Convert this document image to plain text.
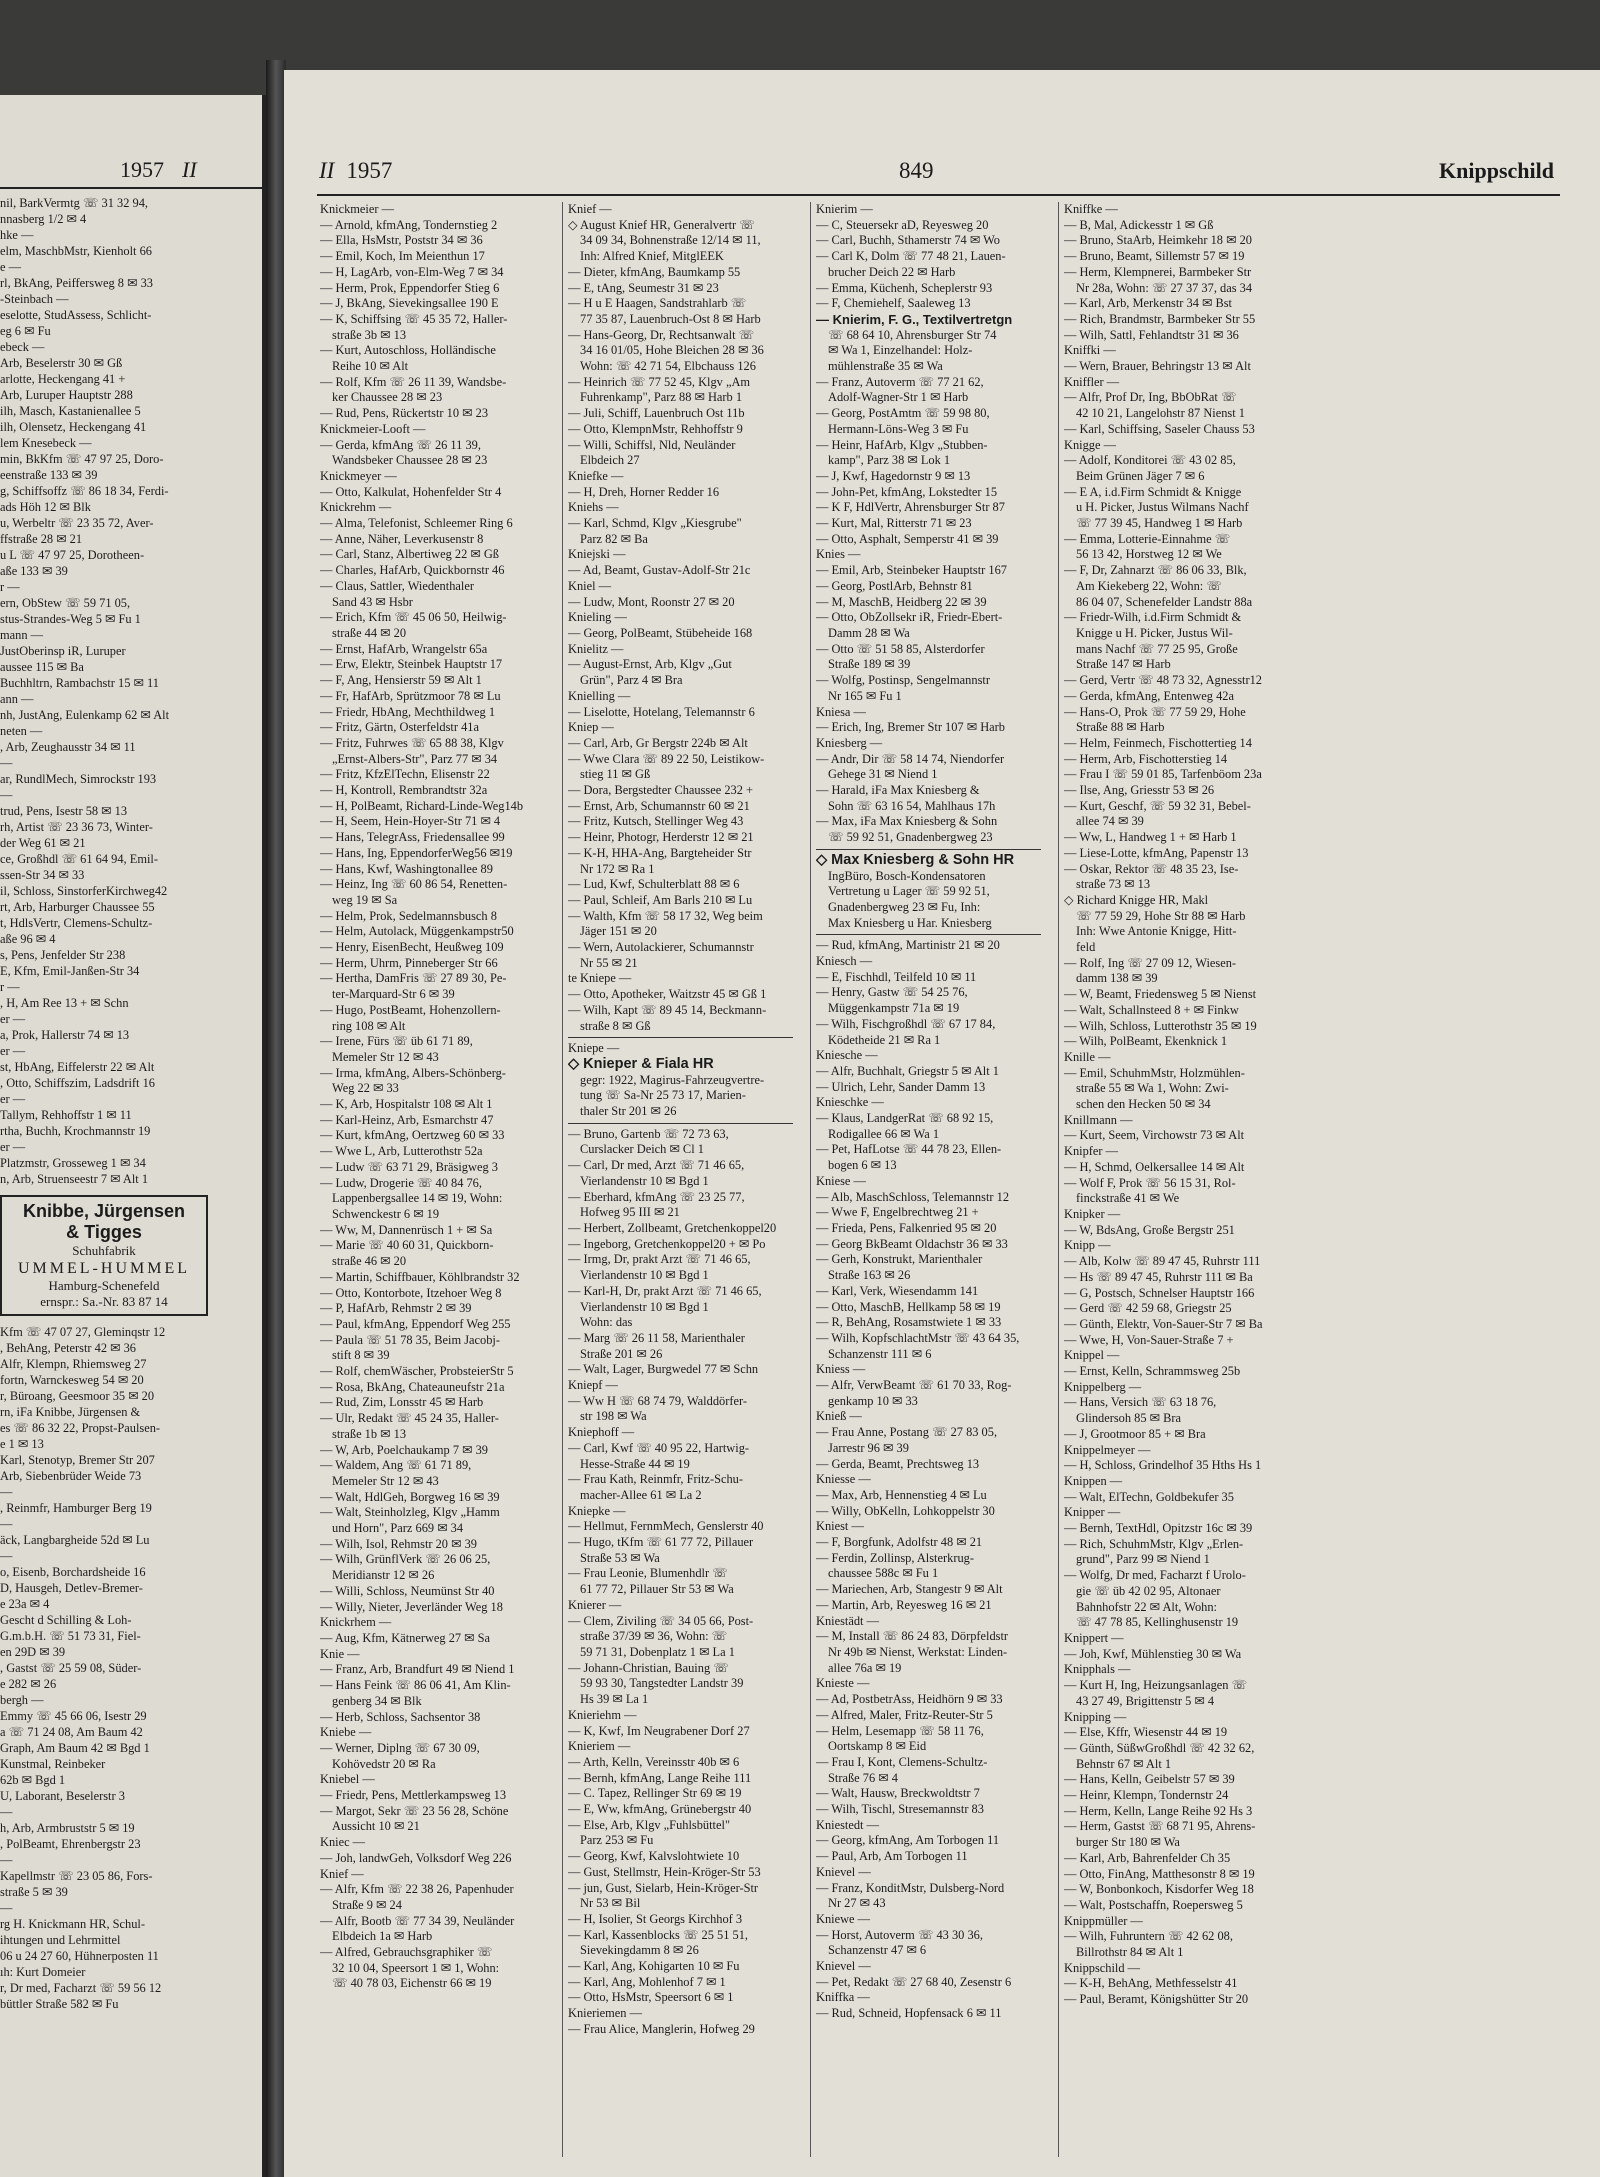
1957 II
nil, BarkVermtg ☏ 31 32 94,
nnasberg 1/2 ✉ 4
hke —
elm, MaschbMstr, Kienholt 66
e —
rl, BkAng, Peiffersweg 8 ✉ 33
-Steinbach —
eselotte, StudAssess, Schlicht-
eg 6 ✉ Fu
ebeck —
Arb, Beselerstr 30 ✉ Gß
arlotte, Heckengang 41 +
Arb, Luruper Hauptstr 288
ilh, Masch, Kastanienallee 5
ilh, Olensetz, Heckengang 41
lem Knesebeck —
min, BkKfm ☏ 47 97 25, Doro-
eenstraße 133 ✉ 39
g, Schiffsoffz ☏ 86 18 34, Ferdi-
ads Höh 12 ✉ Blk
u, Werbeltr ☏ 23 35 72, Aver-
ffstraße 28 ✉ 21
u L ☏ 47 97 25, Dorotheen-
aße 133 ✉ 39
r —
ern, ObStew ☏ 59 71 05,
stus-Strandes-Weg 5 ✉ Fu 1
mann —
JustOberinsp iR, Luruper
aussee 115 ✉ Ba
Buchhltrn, Rambachstr 15 ✉ 11
ann —
nh, JustAng, Eulenkamp 62 ✉ Alt
neten —
, Arb, Zeughausstr 34 ✉ 11
—
ar, RundlMech, Simrockstr 193
—
trud, Pens, Isestr 58 ✉ 13
rh, Artist ☏ 23 36 73, Winter-
der Weg 61 ✉ 21
ce, Großhdl ☏ 61 64 94, Emil-
ssen-Str 34 ✉ 33
il, Schloss, SinstorferKirchweg42
rt, Arb, Harburger Chaussee 55
t, HdlsVertr, Clemens-Schultz-
aße 96 ✉ 4
s, Pens, Jenfelder Str 238
E, Kfm, Emil-Janßen-Str 34
r —
, H, Am Ree 13 + ✉ Schn
er —
a, Prok, Hallerstr 74 ✉ 13
er —
st, HbAng, Eiffelerstr 22 ✉ Alt
, Otto, Schiffszim, Ladsdrift 16
er —
Tallym, Rehhoffstr 1 ✉ 11
rtha, Buchh, Krochmannstr 19
er —
Platzmstr, Grosseweg 1 ✉ 34
n, Arb, Struenseestr 7 ✉ Alt 1
Knibbe, Jürgensen
& Tigges
Schuhfabrik
UMMEL-HUMMEL
Hamburg-Schenefeld
ernspr.: Sa.-Nr. 83 87 14
Kfm ☏ 47 07 27, Gleminqstr 12
, BehAng, Peterstr 42 ✉ 36
Alfr, Klempn, Rhiemsweg 27
fortn, Warnckesweg 54 ✉ 20
r, Büroang, Geesmoor 35 ✉ 20
rn, iFa Knibbe, Jürgensen &
es ☏ 86 32 22, Propst-Paulsen-
e 1 ✉ 13
Karl, Stenotyp, Bremer Str 207
Arb, Siebenbrüder Weide 73
—
, Reinmfr, Hamburger Berg 19
—
äck, Langbargheide 52d ✉ Lu
—
o, Eisenb, Borchardsheide 16
D, Hausgeh, Detlev-Bremer-
e 23a ✉ 4
Gescht d Schilling & Loh-
G.m.b.H. ☏ 51 73 31, Fiel-
en 29D ✉ 39
, Gastst ☏ 25 59 08, Süder-
e 282 ✉ 26
bergh —
Emmy ☏ 45 66 06, Isestr 29
a ☏ 71 24 08, Am Baum 42
Graph, Am Baum 42 ✉ Bgd 1
Kunstmal, Reinbeker
62b ✉ Bgd 1
U, Laborant, Beselerstr 3
—
h, Arb, Armbruststr 5 ✉ 19
, PolBeamt, Ehrenbergstr 23
—
Kapellmstr ☏ 23 05 86, Fors-
straße 5 ✉ 39
—
rg H. Knickmann HR, Schul-
ihtungen und Lehrmittel
06 u 24 27 60, Hühnerposten 11
ıh: Kurt Domeier
r, Dr med, Facharzt ☏ 59 56 12
büttler Straße 582 ✉ Fu
II 1957	849	Knippschild
Knickmeier —
— Arnold, kfmAng, Tondernstieg 2
— Ella, HsMstr, Poststr 34 ✉ 36
— Emil, Koch, Im Meienthun 17
— H, LagArb, von-Elm-Weg 7 ✉ 34
— Herm, Prok, Eppendorfer Stieg 6
— J, BkAng, Sievekingsallee 190 E
— K, Schiffsing ☏ 45 35 72, Haller-
straße 3b ✉ 13
— Kurt, Autoschloss, Holländische
Reihe 10 ✉ Alt
— Rolf, Kfm ☏ 26 11 39, Wandsbe-
ker Chaussee 28 ✉ 23
— Rud, Pens, Rückertstr 10 ✉ 23
Knickmeier-Looft —
— Gerda, kfmAng ☏ 26 11 39,
Wandsbeker Chaussee 28 ✉ 23
Knickmeyer —
— Otto, Kalkulat, Hohenfelder Str 4
Knickrehm —
— Alma, Telefonist, Schleemer Ring 6
— Anne, Näher, Leverkusenstr 8
— Carl, Stanz, Albertiweg 22 ✉ Gß
— Charles, HafArb, Quickbornstr 46
— Claus, Sattler, Wiedenthaler
Sand 43 ✉ Hsbr
— Erich, Kfm ☏ 45 06 50, Heilwig-
straße 44 ✉ 20
— Ernst, HafArb, Wrangelstr 65a
— Erw, Elektr, Steinbek Hauptstr 17
— F, Ang, Hensierstr 59 ✉ Alt 1
— Fr, HafArb, Sprützmoor 78 ✉ Lu
— Friedr, HbAng, Mechthildweg 1
— Fritz, Gärtn, Osterfeldstr 41a
— Fritz, Fuhrwes ☏ 65 88 38, Klgv
„Ernst-Albers-Str", Parz 77 ✉ 34
— Fritz, KfzElTechn, Elisenstr 22
— H, Kontroll, Rembrandtstr 32a
— H, PolBeamt, Richard-Linde-Weg14b
— H, Seem, Hein-Hoyer-Str 71 ✉ 4
— Hans, TelegrAss, Friedensallee 99
— Hans, Ing, EppendorferWeg56 ✉19
— Hans, Kwf, Washingtonallee 89
— Heinz, Ing ☏ 60 86 54, Renetten-
weg 19 ✉ Sa
— Helm, Prok, Sedelmannsbusch 8
— Helm, Autolack, Müggenkampstr50
— Henry, EisenBecht, Heußweg 109
— Herm, Uhrm, Pinneberger Str 66
— Hertha, DamFris ☏ 27 89 30, Pe-
ter-Marquard-Str 6 ✉ 39
— Hugo, PostBeamt, Hohenzollern-
ring 108 ✉ Alt
— Irene, Fürs ☏ üb 61 71 89,
Memeler Str 12 ✉ 43
— Irma, kfmAng, Albers-Schönberg-
Weg 22 ✉ 33
— K, Arb, Hospitalstr 108 ✉ Alt 1
— Karl-Heinz, Arb, Esmarchstr 47
— Kurt, kfmAng, Oertzweg 60 ✉ 33
— Wwe L, Arb, Lutterothstr 52a
— Ludw ☏ 63 71 29, Bräsigweg 3
— Ludw, Drogerie ☏ 40 84 76,
Lappenbergsallee 14 ✉ 19, Wohn:
Schwenckestr 6 ✉ 19
— Ww, M, Dannenrüsch 1 + ✉ Sa
— Marie ☏ 40 60 31, Quickborn-
straße 46 ✉ 20
— Martin, Schiffbauer, Köhlbrandstr 32
— Otto, Kontorbote, Itzehoer Weg 8
— P, HafArb, Rehmstr 2 ✉ 39
— Paul, kfmAng, Eppendorf Weg 255
— Paula ☏ 51 78 35, Beim Jacobj-
stift 8 ✉ 39
— Rolf, chemWäscher, ProbsteierStr 5
— Rosa, BkAng, Chateauneufstr 21a
— Rud, Zim, Lonsstr 45 ✉ Harb
— Ulr, Redakt ☏ 45 24 35, Haller-
straße 1b ✉ 13
— W, Arb, Poelchaukamp 7 ✉ 39
— Waldem, Ang ☏ 61 71 89,
Memeler Str 12 ✉ 43
— Walt, HdlGeh, Borgweg 16 ✉ 39
— Walt, Steinholzleg, Klgv „Hamm
und Horn", Parz 669 ✉ 34
— Wilh, Isol, Rehmstr 20 ✉ 39
— Wilh, GrünflVerk ☏ 26 06 25,
Meridianstr 12 ✉ 26
— Willi, Schloss, Neumünst Str 40
— Willy, Nieter, Jeverländer Weg 18
Knickrhem —
— Aug, Kfm, Kätnerweg 27 ✉ Sa
Knie —
— Franz, Arb, Brandfurt 49 ✉ Niend 1
— Hans Feink ☏ 86 06 41, Am Klin-
genberg 34 ✉ Blk
— Herb, Schloss, Sachsentor 38
Kniebe —
— Werner, Diplng ☏ 67 30 09,
Kohövedstr 20 ✉ Ra
Kniebel —
— Friedr, Pens, Mettlerkampsweg 13
— Margot, Sekr ☏ 23 56 28, Schöne
Aussicht 10 ✉ 21
Kniec —
— Joh, landwGeh, Volksdorf Weg 226
Knief —
— Alfr, Kfm ☏ 22 38 26, Papenhuder
Straße 9 ✉ 24
— Alfr, Bootb ☏ 77 34 39, Neuländer
Elbdeich 1a ✉ Harb
— Alfred, Gebrauchsgraphiker ☏
32 10 04, Speersort 1 ✉ 1, Wohn:
☏ 40 78 03, Eichenstr 66 ✉ 19
Knief —
◇ August Knief HR, Generalvertr ☏
34 09 34, Bohnenstraße 12/14 ✉ 11,
Inh: Alfred Knief, MitglEEK
— Dieter, kfmAng, Baumkamp 55
— E, tAng, Seumestr 31 ✉ 23
— H u E Haagen, Sandstrahlarb ☏
77 35 87, Lauenbruch-Ost 8 ✉ Harb
— Hans-Georg, Dr, Rechtsanwalt ☏
34 16 01/05, Hohe Bleichen 28 ✉ 36
Wohn: ☏ 42 71 54, Elbchauss 126
— Heinrich ☏ 77 52 45, Klgv „Am
Fuhrenkamp", Parz 88 ✉ Harb 1
— Juli, Schiff, Lauenbruch Ost 11b
— Otto, KlempnMstr, Rehhoffstr 9
— Willi, Schiffsl, Nld, Neuländer
Elbdeich 27
Kniefke —
— H, Dreh, Horner Redder 16
Kniehs —
— Karl, Schmd, Klgv „Kiesgrube"
Parz 82 ✉ Ba
Kniejski —
— Ad, Beamt, Gustav-Adolf-Str 21c
Kniel —
— Ludw, Mont, Roonstr 27 ✉ 20
Knieling —
— Georg, PolBeamt, Stübeheide 168
Knielitz —
— August-Ernst, Arb, Klgv „Gut
Grün", Parz 4 ✉ Bra
Knielling —
— Liselotte, Hotelang, Telemannstr 6
Kniep —
— Carl, Arb, Gr Bergstr 224b ✉ Alt
— Wwe Clara ☏ 89 22 50, Leistikow-
stieg 11 ✉ Gß
— Dora, Bergstedter Chaussee 232 +
— Ernst, Arb, Schumannstr 60 ✉ 21
— Fritz, Kutsch, Stellinger Weg 43
— Heinr, Photogr, Herderstr 12 ✉ 21
— K-H, HHA-Ang, Bargteheider Str
Nr 172 ✉ Ra 1
— Lud, Kwf, Schulterblatt 88 ✉ 6
— Paul, Schleif, Am Barls 210 ✉ Lu
— Walth, Kfm ☏ 58 17 32, Weg beim
Jäger 151 ✉ 20
— Wern, Autolackierer, Schumannstr
Nr 55 ✉ 21
te Kniepe —
— Otto, Apotheker, Waitzstr 45 ✉ Gß 1
— Wilh, Kapt ☏ 89 45 14, Beckmann-
straße 8 ✉ Gß
Kniepe —
◇ Knieper & Fiala HR
gegr: 1922, Magirus-Fahrzeugvertre-
tung ☏ Sa-Nr 25 73 17, Marien-
thaler Str 201 ✉ 26
— Bruno, Gartenb ☏ 72 73 63,
Curslacker Deich ✉ Cl 1
— Carl, Dr med, Arzt ☏ 71 46 65,
Vierlandenstr 10 ✉ Bgd 1
— Eberhard, kfmAng ☏ 23 25 77,
Hofweg 95 III ✉ 21
— Herbert, Zollbeamt, Gretchenkoppel20
— Ingeborg, Gretchenkoppel20 + ✉ Po
— Irmg, Dr, prakt Arzt ☏ 71 46 65,
Vierlandenstr 10 ✉ Bgd 1
— Karl-H, Dr, prakt Arzt ☏ 71 46 65,
Vierlandenstr 10 ✉ Bgd 1
Wohn: das
— Marg ☏ 26 11 58, Marienthaler
Straße 201 ✉ 26
— Walt, Lager, Burgwedel 77 ✉ Schn
Kniepf —
— Ww H ☏ 68 74 79, Walddörfer-
str 198 ✉ Wa
Kniephoff —
— Carl, Kwf ☏ 40 95 22, Hartwig-
Hesse-Straße 44 ✉ 19
— Frau Kath, Reinmfr, Fritz-Schu-
macher-Allee 61 ✉ La 2
Kniepke —
— Hellmut, FernmMech, Genslerstr 40
— Hugo, tKfm ☏ 61 77 72, Pillauer
Straße 53 ✉ Wa
— Frau Leonie, Blumenhdlr ☏
61 77 72, Pillauer Str 53 ✉ Wa
Knierer —
— Clem, Ziviling ☏ 34 05 66, Post-
straße 37/39 ✉ 36, Wohn: ☏
59 71 31, Dobenplatz 1 ✉ La 1
— Johann-Christian, Bauing ☏
59 93 30, Tangstedter Landstr 39
Hs 39 ✉ La 1
Knieriehm —
— K, Kwf, Im Neugrabener Dorf 27
Knieriem —
— Arth, Kelln, Vereinsstr 40b ✉ 6
— Bernh, kfmAng, Lange Reihe 111
— C. Tapez, Rellinger Str 69 ✉ 19
— E, Ww, kfmAng, Grünebergstr 40
— Else, Arb, Klgv „Fuhlsbüttel"
Parz 253 ✉ Fu
— Georg, Kwf, Kalvslohtwiete 10
— Gust, Stellmstr, Hein-Kröger-Str 53
— jun, Gust, Sielarb, Hein-Kröger-Str
Nr 53 ✉ Bil
— H, Isolier, St Georgs Kirchhof 3
— Karl, Kassenblocks ☏ 25 51 51,
Sievekingdamm 8 ✉ 26
— Karl, Ang, Kohigarten 10 ✉ Fu
— Karl, Ang, Mohlenhof 7 ✉ 1
— Otto, HsMstr, Speersort 6 ✉ 1
Knieriemen —
— Frau Alice, Manglerin, Hofweg 29
Knierim —
— C, Steuersekr aD, Reyesweg 20
— Carl, Buchh, Sthamerstr 74 ✉ Wo
— Carl K, Dolm ☏ 77 48 21, Lauen-
brucher Deich 22 ✉ Harb
— Emma, Küchenh, Scheplerstr 93
— F, Chemiehelf, Saaleweg 13
— Knierim, F. G., Textilvertretgn
☏ 68 64 10, Ahrensburger Str 74
✉ Wa 1, Einzelhandel: Holz-
mühlenstraße 35 ✉ Wa
— Franz, Autoverm ☏ 77 21 62,
Adolf-Wagner-Str 1 ✉ Harb
— Georg, PostAmtm ☏ 59 98 80,
Hermann-Löns-Weg 3 ✉ Fu
— Heinr, HafArb, Klgv „Stubben-
kamp", Parz 38 ✉ Lok 1
— J, Kwf, Hagedornstr 9 ✉ 13
— John-Pet, kfmAng, Lokstedter 15
— K F, HdlVertr, Ahrensburger Str 87
— Kurt, Mal, Ritterstr 71 ✉ 23
— Otto, Asphalt, Semperstr 41 ✉ 39
Knies —
— Emil, Arb, Steinbeker Hauptstr 167
— Georg, PostlArb, Behnstr 81
— M, MaschB, Heidberg 22 ✉ 39
— Otto, ObZollsekr iR, Friedr-Ebert-
Damm 28 ✉ Wa
— Otto ☏ 51 58 85, Alsterdorfer
Straße 189 ✉ 39
— Wolfg, Postinsp, Sengelmannstr
Nr 165 ✉ Fu 1
Kniesa —
— Erich, Ing, Bremer Str 107 ✉ Harb
Kniesberg —
— Andr, Dir ☏ 58 14 74, Niendorfer
Gehege 31 ✉ Niend 1
— Harald, iFa Max Kniesberg &
Sohn ☏ 63 16 54, Mahlhaus 17h
— Max, iFa Max Kniesberg & Sohn
☏ 59 92 51, Gnadenbergweg 23
◇ Max Kniesberg & Sohn HR
IngBüro, Bosch-Kondensatoren
Vertretung u Lager ☏ 59 92 51,
Gnadenbergweg 23 ✉ Fu, Inh:
Max Kniesberg u Har. Kniesberg
— Rud, kfmAng, Martinistr 21 ✉ 20
Kniesch —
— E, Fischhdl, Teilfeld 10 ✉ 11
— Henry, Gastw ☏ 54 25 76,
Müggenkampstr 71a ✉ 19
— Wilh, Fischgroßhdl ☏ 67 17 84,
Ködetheide 21 ✉ Ra 1
Kniesche —
— Alfr, Buchhalt, Griegstr 5 ✉ Alt 1
— Ulrich, Lehr, Sander Damm 13
Knieschke —
— Klaus, LandgerRat ☏ 68 92 15,
Rodigallee 66 ✉ Wa 1
— Pet, HafLotse ☏ 44 78 23, Ellen-
bogen 6 ✉ 13
Kniese —
— Alb, MaschSchloss, Telemannstr 12
— Wwe F, Engelbrechtweg 21 +
— Frieda, Pens, Falkenried 95 ✉ 20
— Georg BkBeamt Oldachstr 36 ✉ 33
— Gerh, Konstrukt, Marienthaler
Straße 163 ✉ 26
— Karl, Verk, Wiesendamm 141
— Otto, MaschB, Hellkamp 58 ✉ 19
— R, BehAng, Rosamstwiete 1 ✉ 33
— Wilh, KopfschlachtMstr ☏ 43 64 35,
Schanzenstr 111 ✉ 6
Kniess —
— Alfr, VerwBeamt ☏ 61 70 33, Rog-
genkamp 10 ✉ 33
Knieß —
— Frau Anne, Postang ☏ 27 83 05,
Jarrestr 96 ✉ 39
— Gerda, Beamt, Prechtsweg 13
Kniesse —
— Max, Arb, Hennenstieg 4 ✉ Lu
— Willy, ObKelln, Lohkoppelstr 30
Kniest —
— F, Borgfunk, Adolfstr 48 ✉ 21
— Ferdin, Zollinsp, Alsterkrug-
chaussee 588c ✉ Fu 1
— Mariechen, Arb, Stangestr 9 ✉ Alt
— Martin, Arb, Reyesweg 16 ✉ 21
Kniestädt —
— M, Install ☏ 86 24 83, Dörpfeldstr
Nr 49b ✉ Nienst, Werkstat: Linden-
allee 76a ✉ 19
Knieste —
— Ad, PostbetrAss, Heidhörn 9 ✉ 33
— Alfred, Maler, Fritz-Reuter-Str 5
— Helm, Lesemapp ☏ 58 11 76,
Oortskamp 8 ✉ Eid
— Frau I, Kont, Clemens-Schultz-
Straße 76 ✉ 4
— Walt, Hausw, Breckwoldtstr 7
— Wilh, Tischl, Stresemannstr 83
Kniestedt —
— Georg, kfmAng, Am Torbogen 11
— Paul, Arb, Am Torbogen 11
Knievel —
— Franz, KonditMstr, Dulsberg-Nord
Nr 27 ✉ 43
Kniewe —
— Horst, Autoverm ☏ 43 30 36,
Schanzenstr 47 ✉ 6
Knievel —
— Pet, Redakt ☏ 27 68 40, Zesenstr 6
Kniffka —
— Rud, Schneid, Hopfensack 6 ✉ 11
Kniffke —
— B, Mal, Adickesstr 1 ✉ Gß
— Bruno, StaArb, Heimkehr 18 ✉ 20
— Bruno, Beamt, Sillemstr 57 ✉ 19
— Herm, Klempnerei, Barmbeker Str
Nr 28a, Wohn: ☏ 27 37 37, das 34
— Karl, Arb, Merkenstr 34 ✉ Bst
— Rich, Brandmstr, Barmbeker Str 55
— Wilh, Sattl, Fehlandtstr 31 ✉ 36
Kniffki —
— Wern, Brauer, Behringstr 13 ✉ Alt
Kniffler —
— Alfr, Prof Dr, Ing, BbObRat ☏
42 10 21, Langelohstr 87 Nienst 1
— Karl, Schiffsing, Saseler Chauss 53
Knigge —
— Adolf, Konditorei ☏ 43 02 85,
Beim Grünen Jäger 7 ✉ 6
— E A, i.d.Firm Schmidt & Knigge
u H. Picker, Justus Wilmans Nachf
☏ 77 39 45, Handweg 1 ✉ Harb
— Emma, Lotterie-Einnahme ☏
56 13 42, Horstweg 12 ✉ We
— F, Dr, Zahnarzt ☏ 86 06 33, Blk,
Am Kiekeberg 22, Wohn: ☏
86 04 07, Schenefelder Landstr 88a
— Friedr-Wilh, i.d.Firm Schmidt &
Knigge u H. Picker, Justus Wil-
mans Nachf ☏ 77 25 95, Große
Straße 147 ✉ Harb
— Gerd, Vertr ☏ 48 73 32, Agnesstr12
— Gerda, kfmAng, Entenweg 42a
— Hans-O, Prok ☏ 77 59 29, Hohe
Straße 88 ✉ Harb
— Helm, Feinmech, Fischottertieg 14
— Herm, Arb, Fischotterstieg 14
— Frau I ☏ 59 01 85, Tarfenböom 23a
— Ilse, Ang, Griesstr 53 ✉ 26
— Kurt, Geschf, ☏ 59 32 31, Bebel-
allee 74 ✉ 39
— Ww, L, Handweg 1 + ✉ Harb 1
— Liese-Lotte, kfmAng, Papenstr 13
— Oskar, Rektor ☏ 48 35 23, Ise-
straße 73 ✉ 13
◇ Richard Knigge HR, Makl
☏ 77 59 29, Hohe Str 88 ✉ Harb
Inh: Wwe Antonie Knigge, Hitt-
feld
— Rolf, Ing ☏ 27 09 12, Wiesen-
damm 138 ✉ 39
— W, Beamt, Friedensweg 5 ✉ Nienst
— Walt, Schallnsteed 8 + ✉ Finkw
— Wilh, Schloss, Lutterothstr 35 ✉ 19
— Wilh, PolBeamt, Ekenknick 1
Knille —
— Emil, SchuhmMstr, Holzmühlen-
straße 55 ✉ Wa 1, Wohn: Zwi-
schen den Hecken 50 ✉ 34
Knillmann —
— Kurt, Seem, Virchowstr 73 ✉ Alt
Knipfer —
— H, Schmd, Oelkersallee 14 ✉ Alt
— Wolf F, Prok ☏ 56 15 31, Rol-
finckstraße 41 ✉ We
Knipker —
— W, BdsAng, Große Bergstr 251
Knipp —
— Alb, Kolw ☏ 89 47 45, Ruhrstr 111
— Hs ☏ 89 47 45, Ruhrstr 111 ✉ Ba
— G, Postsch, Schnelser Hauptstr 166
— Gerd ☏ 42 59 68, Griegstr 25
— Günth, Elektr, Von-Sauer-Str 7 ✉ Ba
— Wwe, H, Von-Sauer-Straße 7 +
Knippel —
— Ernst, Kelln, Schrammsweg 25b
Knippelberg —
— Hans, Versich ☏ 63 18 76,
Glindersoh 85 ✉ Bra
— J, Grootmoor 85 + ✉ Bra
Knippelmeyer —
— H, Schloss, Grindelhof 35 Hths Hs 1
Knippen —
— Walt, ElTechn, Goldbekufer 35
Knipper —
— Bernh, TextHdl, Opitzstr 16c ✉ 39
— Rich, SchuhmMstr, Klgv „Erlen-
grund", Parz 99 ✉ Niend 1
— Wolfg, Dr med, Facharzt f Urolo-
gie ☏ üb 42 02 95, Altonaer
Bahnhofstr 22 ✉ Alt, Wohn:
☏ 47 78 85, Kellinghusenstr 19
Knippert —
— Joh, Kwf, Mühlenstieg 30 ✉ Wa
Knipphals —
— Kurt H, Ing, Heizungsanlagen ☏
43 27 49, Brigittenstr 5 ✉ 4
Knipping —
— Else, Kffr, Wiesenstr 44 ✉ 19
— Günth, SüßwGroßhdl ☏ 42 32 62,
Behnstr 67 ✉ Alt 1
— Hans, Kelln, Geibelstr 57 ✉ 39
— Heinr, Klempn, Tondernstr 24
— Herm, Kelln, Lange Reihe 92 Hs 3
— Herm, Gastst ☏ 68 71 95, Ahrens-
burger Str 180 ✉ Wa
— Karl, Arb, Bahrenfelder Ch 35
— Otto, FinAng, Matthesonstr 8 ✉ 19
— W, Bonbonkoch, Kisdorfer Weg 18
— Walt, Postschaffn, Roepersweg 5
Knippmüller —
— Wilh, Fuhruntern ☏ 42 62 08,
Billrothstr 84 ✉ Alt 1
Knippschild —
— K-H, BehAng, Methfesselstr 41
— Paul, Beramt, Königshütter Str 20
